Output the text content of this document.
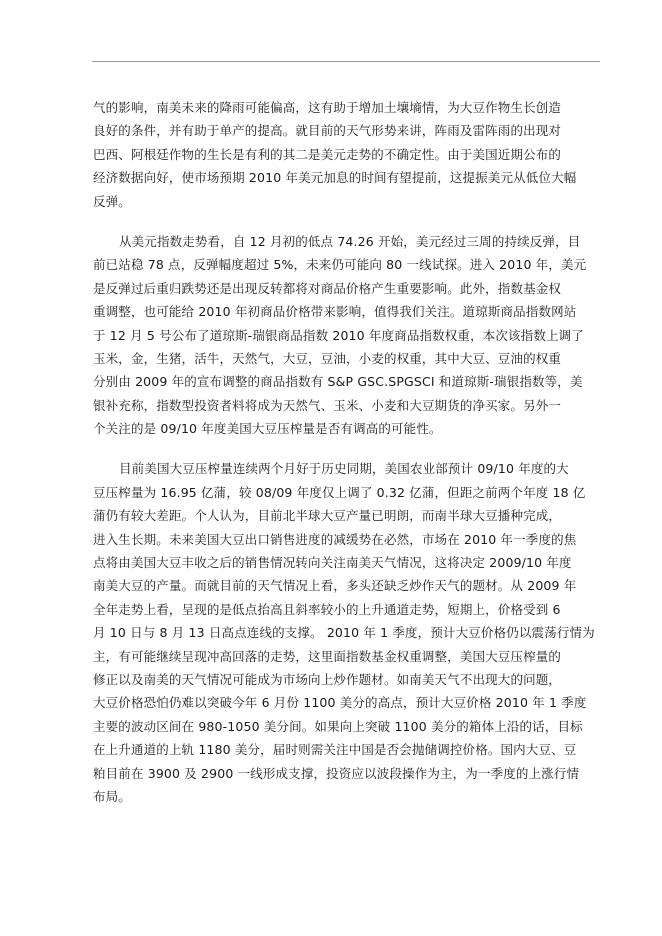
气的影响，南美未来的降雨可能偏高，这有助于增加土壤墒情，为大豆作物生长创造
良好的条件，并有助于单产的提高。就目前的天气形势来讲，阵雨及雷阵雨的出现对
巴西、阿根廷作物的生长是有利的其二是美元走势的不确定性。由于美国近期公布的
经济数据向好，使市场预期 2010 年美元加息的时间有望提前，这提振美元从低位大幅
反弹。
从美元指数走势看，自 12 月初的低点 74.26 开始，美元经过三周的持续反弹，目
前已站稳 78 点，反弹幅度超过 5%，未来仍可能向 80 一线试探。进入 2010 年，美元
是反弹过后重归跌势还是出现反转都将对商品价格产生重要影响。此外，指数基金权
重调整，也可能给 2010 年初商品价格带来影响，值得我们关注。道琼斯商品指数网站
于 12 月 5 号公布了道琼斯-瑞银商品指数 2010 年度商品指数权重，本次该指数上调了
玉米，金，生猪，活牛，天然气，大豆，豆油，小麦的权重，其中大豆、豆油的权重
分别由 2009 年的宣布调整的商品指数有 S&P GSC.SPGSCI 和道琼斯-瑞银指数等，美
银补充称，指数型投资者料将成为天然气、玉米、小麦和大豆期货的净买家。另外一
个关注的是 09/10 年度美国大豆压榨量是否有调高的可能性。
目前美国大豆压榨量连续两个月好于历史同期，美国农业部预计 09/10 年度的大
豆压榨量为 16.95 亿蒲，较 08/09 年度仅上调了 0.32 亿蒲，但距之前两个年度 18 亿
蒲仍有较大差距。个人认为，目前北半球大豆产量已明朗，而南半球大豆播种完成，
进入生长期。未来美国大豆出口销售进度的减缓势在必然，市场在 2010 年一季度的焦
点将由美国大豆丰收之后的销售情况转向关注南美天气情况，这将决定 2009/10 年度
南美大豆的产量。而就目前的天气情况上看，多头还缺乏炒作天气的题材。从 2009 年
全年走势上看，呈现的是低点抬高且斜率较小的上升通道走势，短期上，价格受到 6
月 10 日与 8 月 13 日高点连线的支撑。 2010 年 1 季度，预计大豆价格仍以震荡行情为
主，有可能继续呈现冲高回落的走势，这里面指数基金权重调整，美国大豆压榨量的
修正以及南美的天气情况可能成为市场向上炒作题材。如南美天气不出现大的问题，
大豆价格恐怕仍难以突破今年 6 月份 1100 美分的高点，预计大豆价格 2010 年 1 季度
主要的波动区间在 980-1050 美分间。如果向上突破 1100 美分的箱体上沿的话，目标
在上升通道的上轨 1180 美分，届时则需关注中国是否会抛储调控价格。国内大豆、豆
粕目前在 3900 及 2900 一线形成支撑，投资应以波段操作为主，为一季度的上涨行情
布局。
